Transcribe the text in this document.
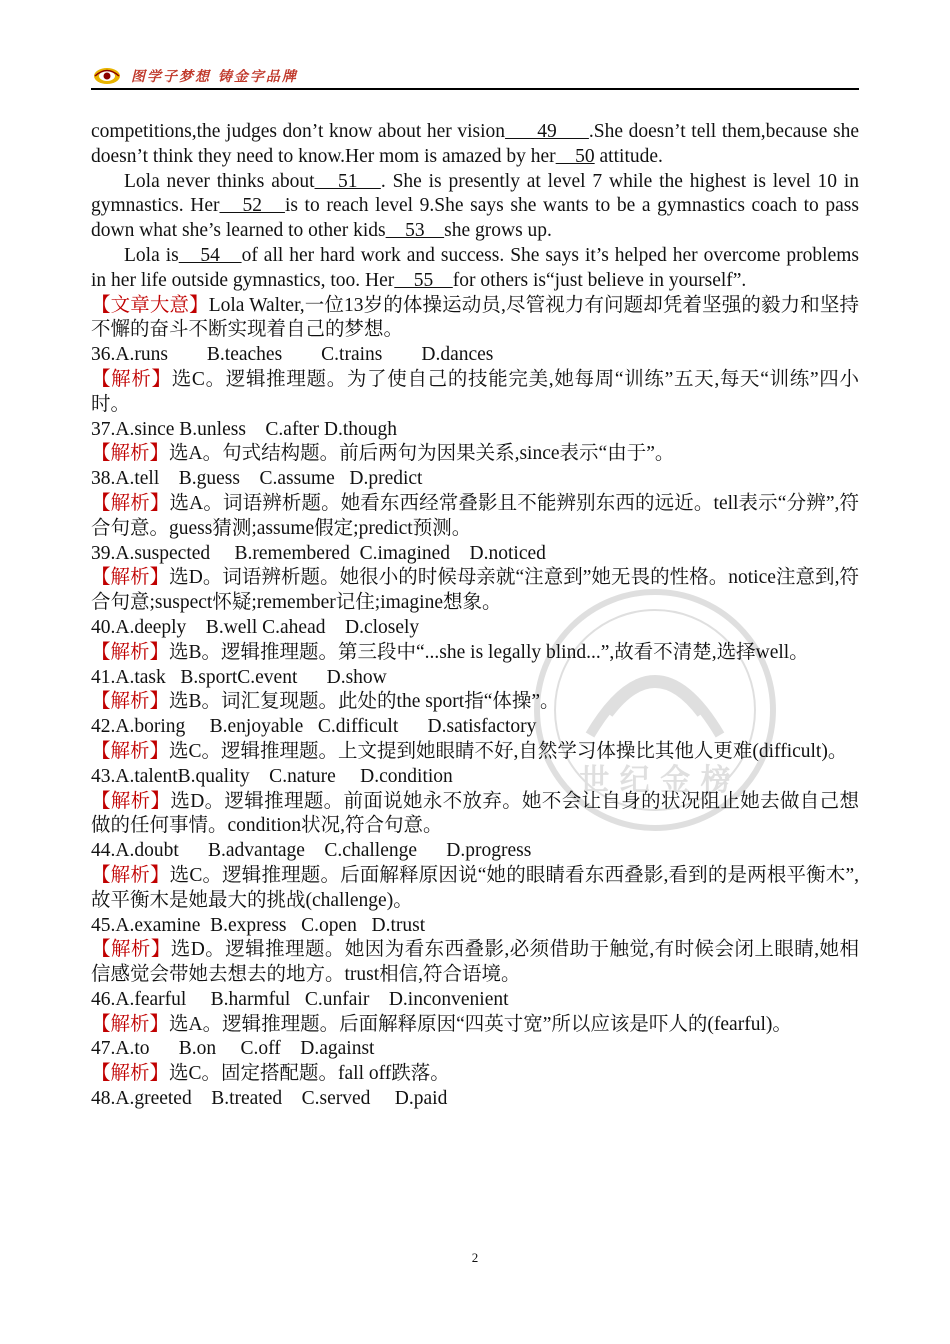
图学子梦想 铸金字品牌
世 纪 金 榜

competitions,the judges don’t know about her vision　  49　  .She doesn’t tell them,because she doesn’t think they need to know.Her mom is amazed by her　50 attitude.

Lola never thinks about　51　. She is presently at level 7 while the highest is level 10 in gymnastics. Her　52　is to reach level 9.She says she wants to be a gymnastics coach to pass down what she’s learned to other kids　53　she grows up.

Lola is　54　of all her hard work and success. She says it’s helped her overcome problems in her life outside gymnastics, too. Her　55　for others is“just believe in yourself”.

【文章大意】Lola Walter,一位13岁的体操运动员,尽管视力有问题却凭着坚强的毅力和坚持不懈的奋斗不断实现着自己的梦想。

36.A.runs        B.teaches        C.trains        D.dances

【解析】选C。逻辑推理题。为了使自己的技能完美,她每周“训练”五天,每天“训练”四小时。

37.A.since B.unless    C.after D.though

【解析】选A。句式结构题。前后两句为因果关系,since表示“由于”。

38.A.tell    B.guess    C.assume   D.predict

【解析】选A。词语辨析题。她看东西经常叠影且不能辨别东西的远近。tell表示“分辨”,符合句意。guess猜测;assume假定;predict预测。

39.A.suspected     B.remembered  C.imagined    D.noticed

【解析】选D。词语辨析题。她很小的时候母亲就“注意到”她无畏的性格。notice注意到,符合句意;suspect怀疑;remember记住;imagine想象。

40.A.deeply    B.well C.ahead    D.closely

【解析】选B。逻辑推理题。第三段中“...she is legally blind...”,故看不清楚,选择well。

41.A.task   B.sportC.event      D.show

【解析】选B。词汇复现题。此处的the sport指“体操”。

42.A.boring     B.enjoyable   C.difficult      D.satisfactory

【解析】选C。逻辑推理题。上文提到她眼睛不好,自然学习体操比其他人更难(difficult)。

43.A.talentB.quality    C.nature     D.condition

【解析】选D。逻辑推理题。前面说她永不放弃。她不会让自身的状况阻止她去做自己想做的任何事情。condition状况,符合句意。

44.A.doubt      B.advantage    C.challenge      D.progress

【解析】选C。逻辑推理题。后面解释原因说“她的眼睛看东西叠影,看到的是两根平衡木”,故平衡木是她最大的挑战(challenge)。

45.A.examine  B.express   C.open   D.trust

【解析】选D。逻辑推理题。她因为看东西叠影,必须借助于触觉,有时候会闭上眼睛,她相信感觉会带她去想去的地方。trust相信,符合语境。

46.A.fearful     B.harmful   C.unfair    D.inconvenient

【解析】选A。逻辑推理题。后面解释原因“四英寸宽”所以应该是吓人的(fearful)。

47.A.to      B.on     C.off    D.against

【解析】选C。固定搭配题。fall off跌落。

48.A.greeted    B.treated    C.served     D.paid

2
